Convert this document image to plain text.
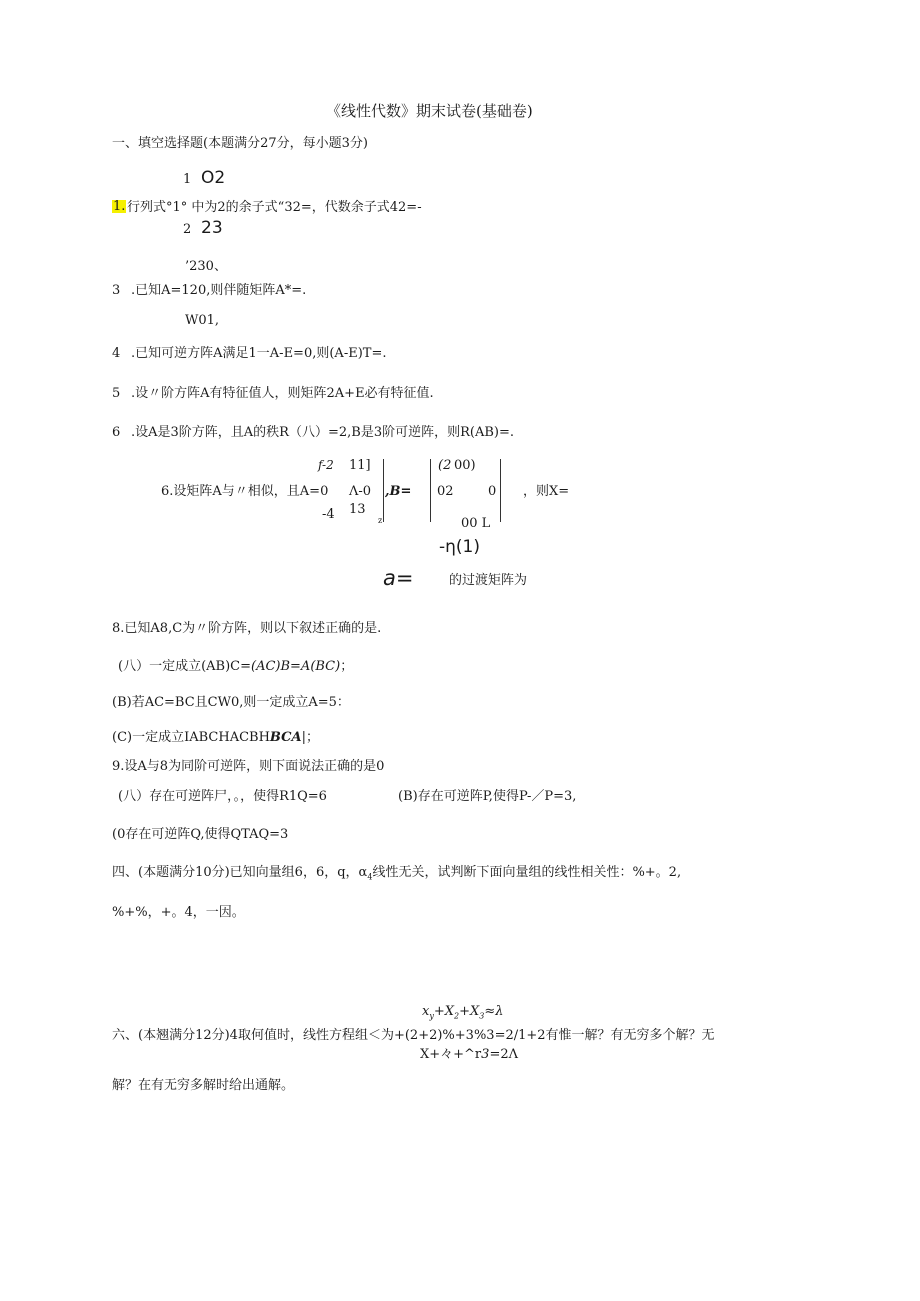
《线性代数》期末试卷(基础卷)
一、填空选择题(本题满分27分，每小题3分)
1 O2
1. 行列式°1° 中为2的余子式“32=，代数余子式42=-
2 23
’230、
3 .已知A=120,则伴随矩阵A*=.
W01,
4 .已知可逆方阵A满足1一A-E=0,则(A-E)T=.
5 .设〃阶方阵A有特征值人，则矩阵2A+E必有特征值.
6 .设A是3阶方阵，且A的秩R（八）=2,B是3阶可逆阵，则R(AB)=.
f-2 11]
6.设矩阵A与〃相似，且A=0 Λ-0
-4 13
z
,B=
(2 00)
02	0
00 L
，则X=
-η(1)
a=	的过渡矩阵为
8.已知A8,C为〃阶方阵，则以下叙述正确的是.
(八）一定成立(AB)C=(AC)B=A(BC)；
(B)若AC=BC且CW0,则一定成立A=5：
(C)一定成立IABCHACBHBCA|；
9.设A与8为同阶可逆阵，则下面说法正确的是0
(八）存在可逆阵尸，。，使得R1Q=6	(B)存在可逆阵P,使得P-／P=3,
(0存在可逆阵Q,使得QTAQ=3
四、(本题满分10分)已知向量组6，6，q，$\alpha_4$线性无关，试判断下面向量组的线性相关性：%+。2,
%+%，+。4，一因。
$x_y+X_2+X_3\approx\lambda$
六、(本翘满分12分)4取何值时，线性方程组＜为+(2+2)%+3%3=2/1+2有惟一解？有无穷多个解？无
X+々+^r3=2Λ
解？在有无穷多解时给出通解。
